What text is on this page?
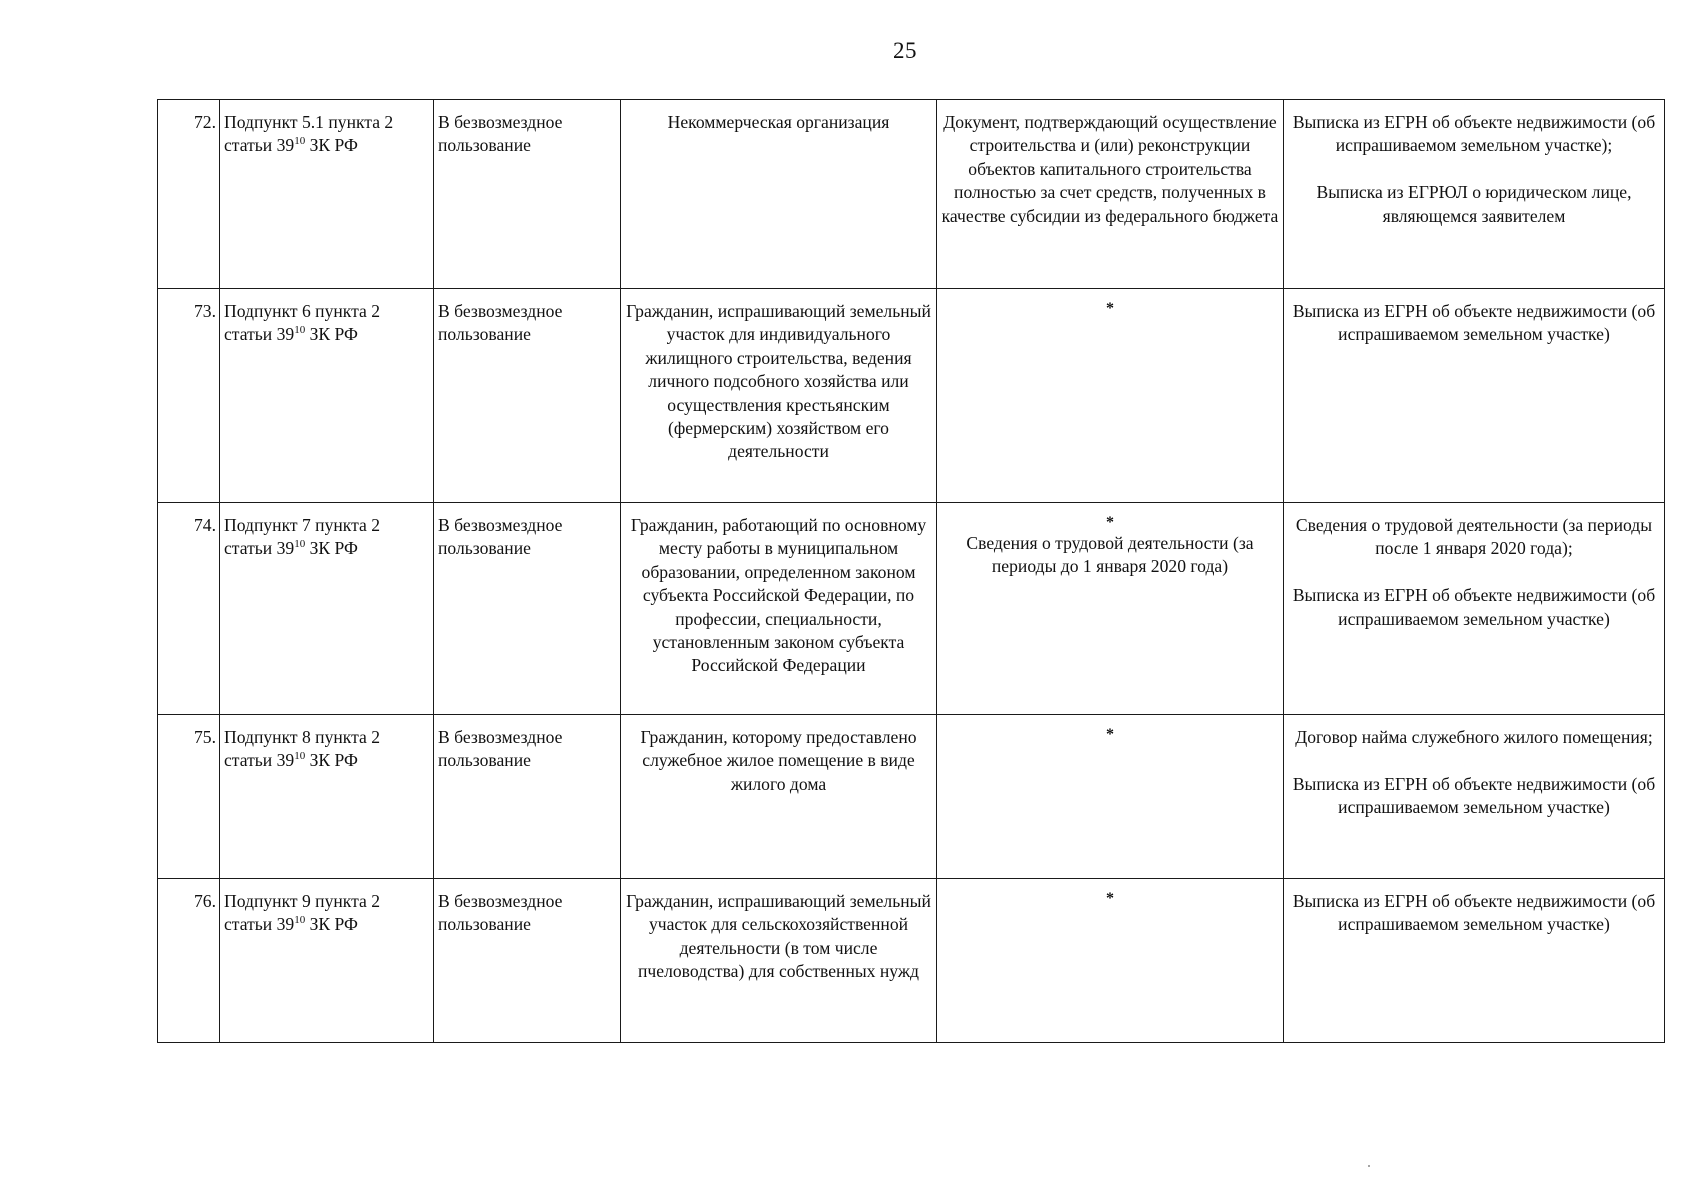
25
72.	Подпункт 5.1 пункта 2
статьи $39^{10}$ ЗК РФ	В безвозмездное
пользование	Некоммерческая организация	Документ, подтверждающий осуществление строительства и (или) реконструкции объектов капитального строительства полностью за счет средств, полученных в качестве субсидии из федерального бюджета	Выписка из ЕГРН об объекте недвижимости (об испрашиваемом земельном участке);
Выписка из ЕГРЮЛ о юридическом лице, являющемся заявителем

73.	Подпункт 6 пункта 2
статьи $39^{10}$ ЗК РФ	В безвозмездное
пользование	Гражданин, испрашивающий земельный участок для индивидуального жилищного строительства, ведения личного подсобного хозяйства или осуществления крестьянским (фермерским) хозяйством его деятельности	*	Выписка из ЕГРН об объекте недвижимости (об испрашиваемом земельном участке)

74.	Подпункт 7 пункта 2
статьи $39^{10}$ ЗК РФ	В безвозмездное
пользование	Гражданин, работающий по основному месту работы в муниципальном образовании, определенном законом субъекта Российской Федерации, по профессии, специальности, установленным законом субъекта Российской Федерации	*
Сведения о трудовой деятельности (за периоды до 1 января 2020 года)	Сведения о трудовой деятельности (за периоды после 1 января 2020 года);
Выписка из ЕГРН об объекте недвижимости (об испрашиваемом земельном участке)

75.	Подпункт 8 пункта 2
статьи $39^{10}$ ЗК РФ	В безвозмездное
пользование	Гражданин, которому предоставлено служебное жилое помещение в виде жилого дома	*	Договор найма служебного жилого помещения;
Выписка из ЕГРН об объекте недвижимости (об испрашиваемом земельном участке)

76.	Подпункт 9 пункта 2
статьи $39^{10}$ ЗК РФ	В безвозмездное
пользование	Гражданин, испрашивающий земельный участок для сельскохозяйственной деятельности (в том числе пчеловодства) для собственных нужд	*	Выписка из ЕГРН об объекте недвижимости (об испрашиваемом земельном участке)
